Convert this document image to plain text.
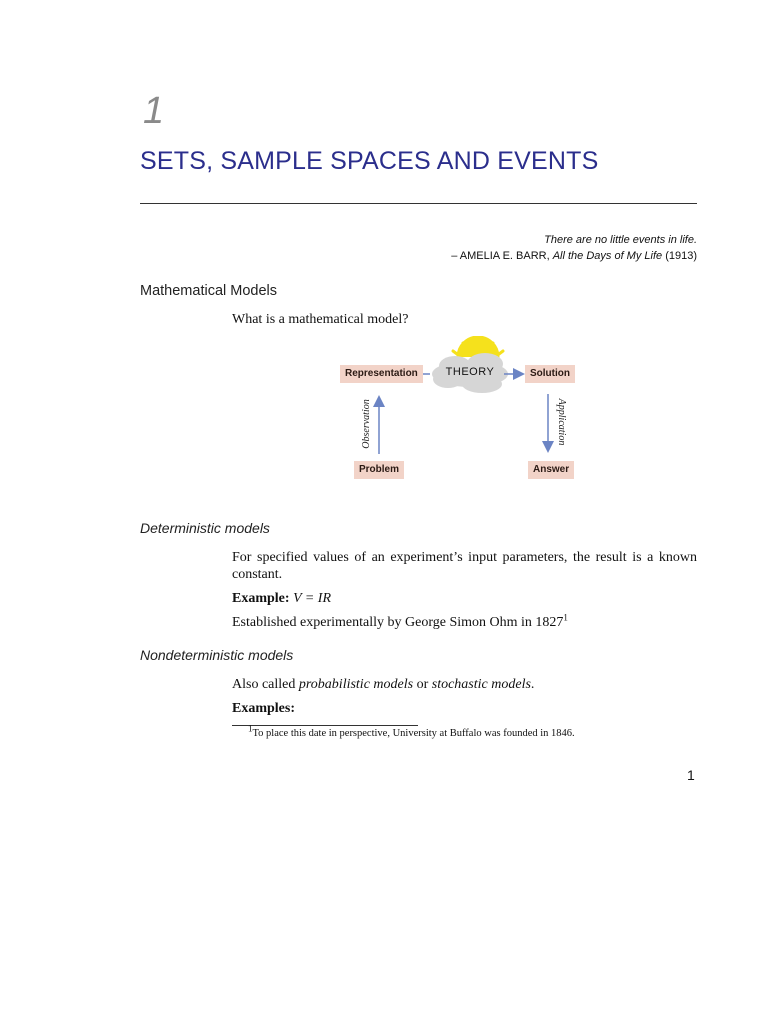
1
SETS, SAMPLE SPACES AND EVENTS
There are no little events in life.
– AMELIA E. BARR, All the Days of My Life (1913)
Mathematical Models
What is a mathematical model?
Observation	Application
Representation	THEORY	Solution
Problem	Answer
Deterministic models
For specified values of an experiment’s input parameters, the result is a known constant.
Example: V = IR
Established experimentally by George Simon Ohm in 1827$^1$
Nondeterministic models
Also called probabilistic models or stochastic models.
Examples:
$^1$To place this date in perspective, University at Buffalo was founded in 1846.
1
